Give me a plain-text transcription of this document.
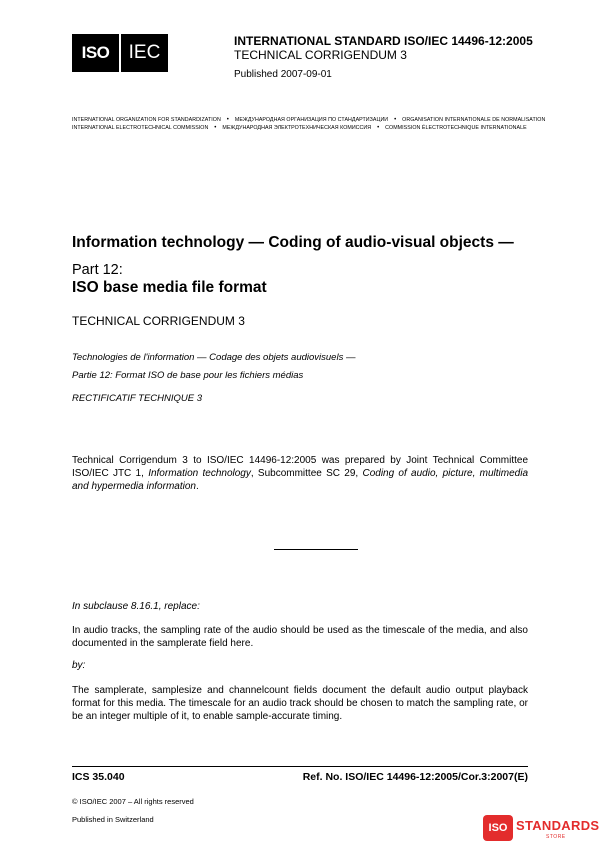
ISO IEC
INTERNATIONAL STANDARD ISO/IEC 14496-12:2005
TECHNICAL CORRIGENDUM 3
Published 2007-09-01
INTERNATIONAL ORGANIZATION FOR STANDARDIZATION • МЕЖДУНАРОДНАЯ ОРГАНИЗАЦИЯ ПО СТАНДАРТИЗАЦИИ • ORGANISATION INTERNATIONALE DE NORMALISATION
INTERNATIONAL ELECTROTECHNICAL COMMISSION • МЕЖДУНАРОДНАЯ ЭЛЕКТРОТЕХНИЧЕСКАЯ КОМИССИЯ • COMMISSION ÉLECTROTECHNIQUE INTERNATIONALE
Information technology — Coding of audio-visual objects —
Part 12:
ISO base media file format
TECHNICAL CORRIGENDUM 3
Technologies de l'information — Codage des objets audiovisuels —
Partie 12: Format ISO de base pour les fichiers médias
RECTIFICATIF TECHNIQUE 3
Technical Corrigendum 3 to ISO/IEC 14496-12:2005 was prepared by Joint Technical Committee ISO/IEC JTC 1, Information technology, Subcommittee SC 29, Coding of audio, picture, multimedia and hypermedia information.
In subclause 8.16.1, replace:
In audio tracks, the sampling rate of the audio should be used as the timescale of the media, and also documented in the samplerate field here.
by:
The samplerate, samplesize and channelcount fields document the default audio output playback format for this media. The timescale for an audio track should be chosen to match the sampling rate, or be an integer multiple of it, to enable sample-accurate timing.
ICS 35.040	Ref. No. ISO/IEC 14496-12:2005/Cor.3:2007(E)
© ISO/IEC 2007 – All rights reserved
Published in Switzerland
ISO STANDARDS
STORE
